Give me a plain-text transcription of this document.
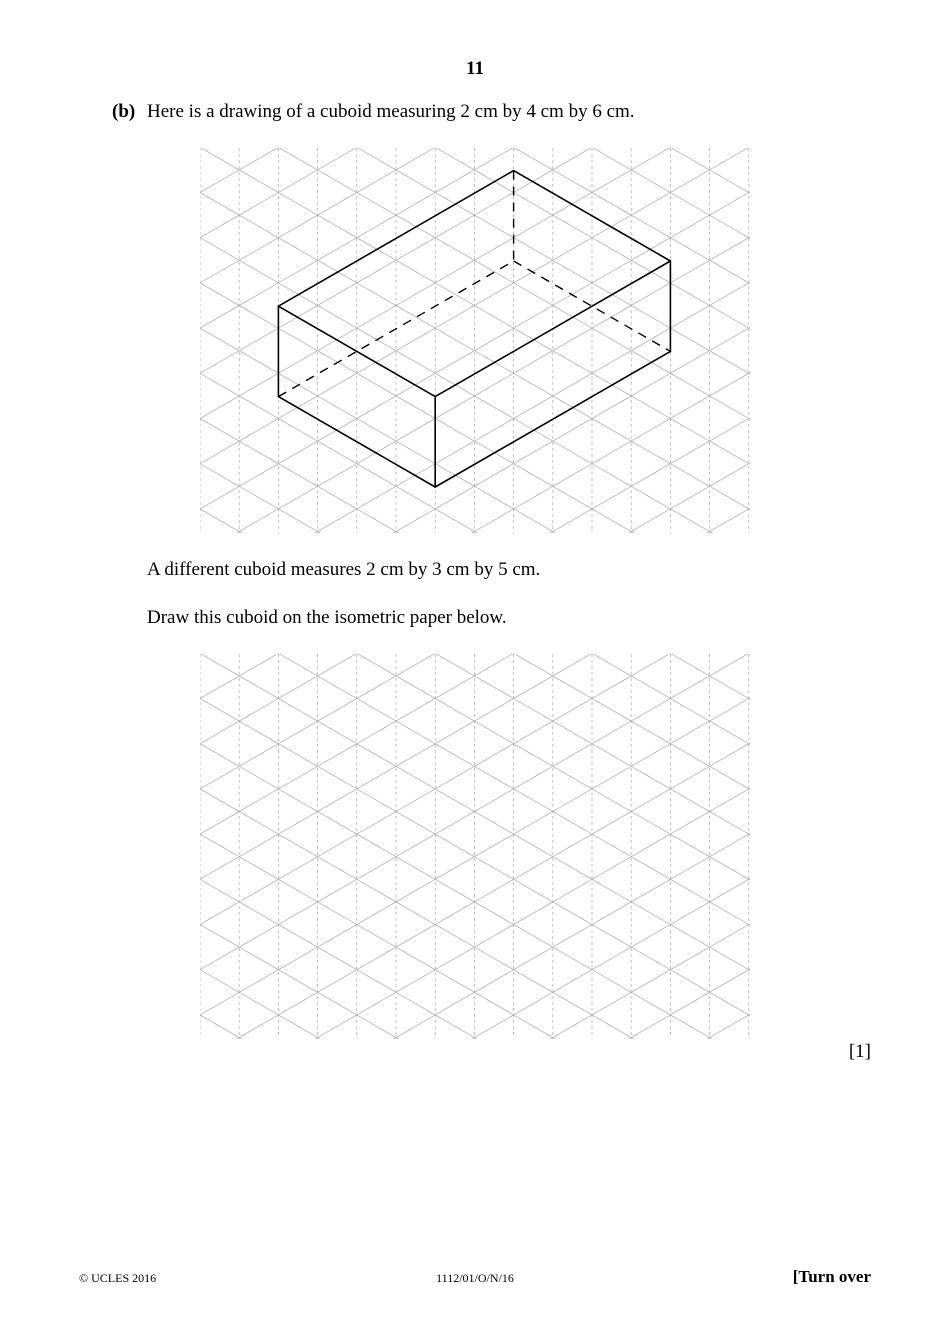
11
(b) Here is a drawing of a cuboid measuring 2 cm by 4 cm by 6 cm.
A different cuboid measures 2 cm by 3 cm by 5 cm.
Draw this cuboid on the isometric paper below.
[1]
© UCLES 2016	1112/01/O/N/16	[Turn over
